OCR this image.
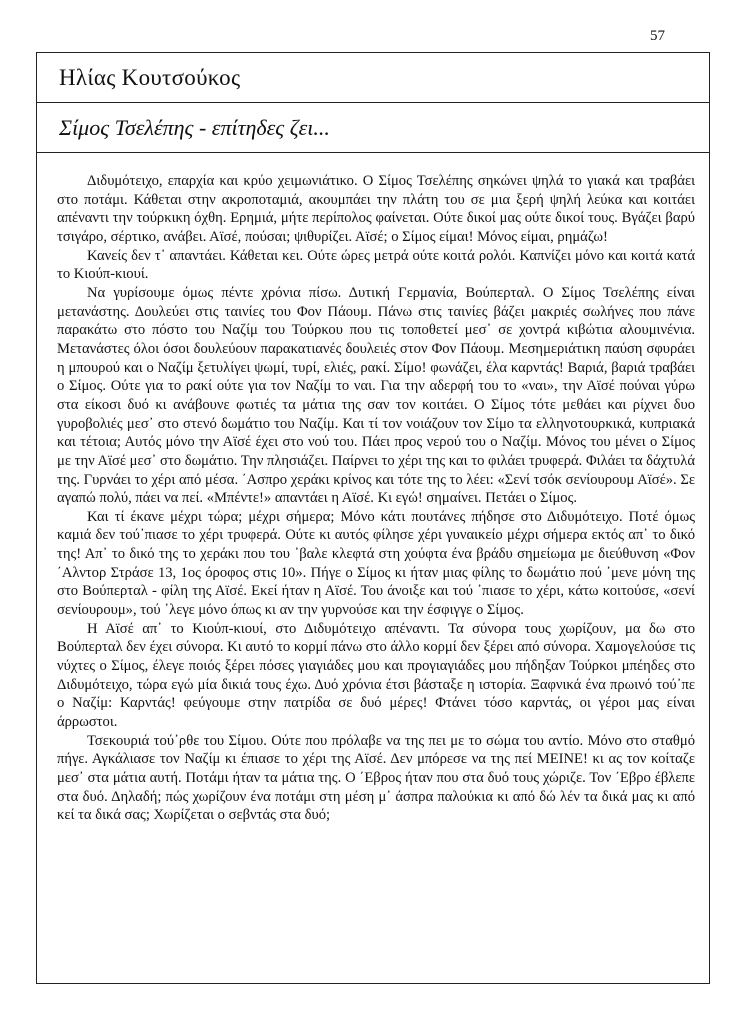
57
Ηλίας Κουτσούκος
Σίμος Τσελέπης - επίτηδες ζει...

Διδυμότειχο, επαρχία και κρύο χειμωνιάτικο. Ο Σίμος Τσελέπης σηκώνει ψηλά το γιακά και τραβάει στο ποτάμι. Κάθεται στην ακροποταμιά, ακουμπάει την πλάτη του σε μια ξερή ψηλή λεύκα και κοιτάει απέναντι την τούρκικη όχθη. Ερημιά, μήτε περίπολος φαίνεται. Ούτε δικοί μας ούτε δικοί τους. Βγάζει βαρύ τσιγάρο, σέρτικο, ανάβει. Αϊσέ, πούσαι; ψιθυρίζει. Αϊσέ; ο Σίμος είμαι! Μόνος είμαι, ρημάζω!

Κανείς δεν τ᾽ απαντάει. Κάθεται κει. Ούτε ώρες μετρά ούτε κοιτά ρολόι. Καπνίζει μόνο και κοιτά κατά το Κιούπ-κιουί.

Να γυρίσουμε όμως πέντε χρόνια πίσω. Δυτική Γερμανία, Βούπερταλ. Ο Σίμος Τσελέπης είναι μετανάστης. Δουλεύει στις ταινίες του Φον Πάουμ. Πάνω στις ταινίες βάζει μακριές σωλήνες που πάνε παρακάτω στο πόστο του Ναζίμ του Τούρκου που τις τοποθετεί μεσ᾽ σε χοντρά κιβώτια αλουμινένια. Μετανάστες όλοι όσοι δουλεύουν παρακατιανές δουλειές στον Φον Πάουμ. Μεσημεριάτικη παύση σφυράει η μπουρού και ο Ναζίμ ξετυλίγει ψωμί, τυρί, ελιές, ρακί. Σίμο! φωνάζει, έλα καρντάς! Βαριά, βαριά τραβάει ο Σίμος. Ούτε για το ρακί ούτε για τον Ναζίμ το ναι. Για την αδερφή του το «ναι», την Αϊσέ πούναι γύρω στα είκοσι δυό κι ανάβουνε φωτιές τα μάτια της σαν τον κοιτάει. Ο Σίμος τότε μεθάει και ρίχνει δυο γυροβολιές μεσ᾽ στο στενό δωμάτιο του Ναζίμ. Και τί τον νοιάζουν τον Σίμο τα ελληνοτουρκικά, κυπριακά και τέτοια; Αυτός μόνο την Αϊσέ έχει στο νού του. Πάει προς νερού του ο Ναζίμ. Μόνος του μένει ο Σίμος με την Αϊσέ μεσ᾽ στο δωμάτιο. Την πλησιάζει. Παίρνει το χέρι της και το φιλάει τρυφερά. Φιλάει τα δάχτυλά της. Γυρνάει το χέρι από μέσα. ΄Ασπρο χεράκι κρίνος και τότε της το λέει: «Σενί τσόκ σενίουρουμ Αϊσέ». Σε αγαπώ πολύ, πάει να πεί. «Μπέντε!» απαντάει η Αϊσέ. Κι εγώ! σημαίνει. Πετάει ο Σίμος.

Και τί έκανε μέχρι τώρα; μέχρι σήμερα; Μόνο κάτι πουτάνες πήδησε στο Διδυμότειχο. Ποτέ όμως καμιά δεν τού᾽πιασε το χέρι τρυφερά. Ούτε κι αυτός φίλησε χέρι γυναικείο μέχρι σήμερα εκτός απ᾽ το δικό της! Απ᾽ το δικό της το χεράκι που του ᾽βαλε κλεφτά στη χούφτα ένα βράδυ σημείωμα με διεύθυνση «Φον ΄Αλντορ Στράσε 13, 1ος όροφος στις 10». Πήγε ο Σίμος κι ήταν μιας φίλης το δωμάτιο πού ᾽μενε μόνη της στο Βούπερταλ - φίλη της Αϊσέ. Εκεί ήταν η Αϊσέ. Του άνοιξε και τού ᾽πιασε το χέρι, κάτω κοιτούσε, «σενί σενίουρουμ», τού ᾽λεγε μόνο όπως κι αν την γυρνούσε και την έσφιγγε ο Σίμος.

Η Αϊσέ απ᾽ το Κιούπ-κιουί, στο Διδυμότειχο απέναντι. Τα σύνορα τους χωρίζουν, μα δω στο Βούπερταλ δεν έχει σύνορα. Κι αυτό το κορμί πάνω στο άλλο κορμί δεν ξέρει από σύνορα. Χαμογελούσε τις νύχτες ο Σίμος, έλεγε ποιός ξέρει πόσες γιαγιάδες μου και προγιαγιάδες μου πήδηξαν Τούρκοι μπέηδες στο Διδυμότειχο, τώρα εγώ μία δικιά τους έχω. Δυό χρόνια έτσι βάσταξε η ιστορία. Ξαφνικά ένα πρωινό τού᾽πε ο Ναζίμ: Καρντάς! φεύγουμε στην πατρίδα σε δυό μέρες! Φτάνει τόσο καρντάς, οι γέροι μας είναι άρρωστοι.

Τσεκουριά τού᾽ρθε του Σίμου. Ούτε που πρόλαβε να της πει με το σώμα του αντίο. Μόνο στο σταθμό πήγε. Αγκάλιασε τον Ναζίμ κι έπιασε το χέρι της Αϊσέ. Δεν μπόρεσε να της πεί ΜΕΙΝΕ! κι ας τον κοίταζε μεσ᾽ στα μάτια αυτή. Ποτάμι ήταν τα μάτια της. Ο ΄Εβρος ήταν που στα δυό τους χώριζε. Τον ΄Εβρο έβλεπε στα δυό. Δηλαδή; πώς χωρίζουν ένα ποτάμι στη μέση μ᾽ άσπρα παλούκια κι από δώ λέν τα δικά μας κι από κεί τα δικά σας; Χωρίζεται ο σεβντάς στα δυό;
